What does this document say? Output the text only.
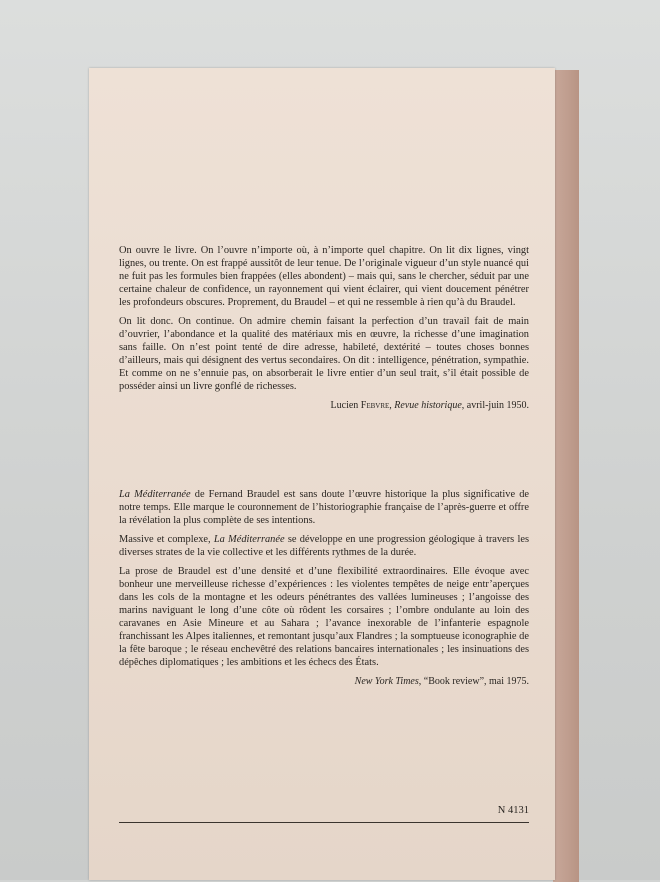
On ouvre le livre. On l’ouvre n’importe où, à n’importe quel chapitre. On lit dix lignes, vingt lignes, ou trente. On est frappé aussitôt de leur tenue. De l’originale vigueur d’un style nuancé qui ne fuit pas les formules bien frappées (elles abondent) – mais qui, sans le chercher, séduit par une certaine chaleur de confidence, un rayonnement qui vient éclairer, qui vient doucement pénétrer les profondeurs obscures. Proprement, du Braudel – et qui ne ressemble à rien qu’à du Braudel.

On lit donc. On continue. On admire chemin faisant la perfection d’un travail fait de main d’ouvrier, l’abondance et la qualité des matériaux mis en œuvre, la richesse d’une imagination sans faille. On n’est point tenté de dire adresse, habileté, dextérité – toutes choses bonnes d’ailleurs, mais qui désignent des vertus secondaires. On dit : intelligence, pénétration, sympathie. Et comme on ne s’ennuie pas, on absorberait le livre entier d’un seul trait, s’il était possible de posséder ainsi un livre gonflé de richesses.

Lucien Febvre, Revue historique, avril-juin 1950.

La Méditerranée de Fernand Braudel est sans doute l’œuvre historique la plus significative de notre temps. Elle marque le couronnement de l’historiographie française de l’après-guerre et offre la révélation la plus complète de ses intentions.

Massive et complexe, La Méditerranée se développe en une progression géologique à travers les diverses strates de la vie collective et les différents rythmes de la durée.

La prose de Braudel est d’une densité et d’une flexibilité extraordinaires. Elle évoque avec bonheur une merveilleuse richesse d’expériences : les violentes tempêtes de neige entr’aperçues dans les cols de la montagne et les odeurs pénétrantes des vallées lumineuses ; l’angoisse des marins naviguant le long d’une côte où rôdent les corsaires ; l’ombre ondulante au loin des caravanes en Asie Mineure et au Sahara ; l’avance inexorable de l’infanterie espagnole franchissant les Alpes italiennes, et remontant jusqu’aux Flandres ; la somptueuse iconographie de la fête baroque ; le réseau enchevêtré des relations bancaires internationales ; les insinuations des dépêches diplomatiques ; les ambitions et les échecs des États.

New York Times, “Book review”, mai 1975.
N 4131
